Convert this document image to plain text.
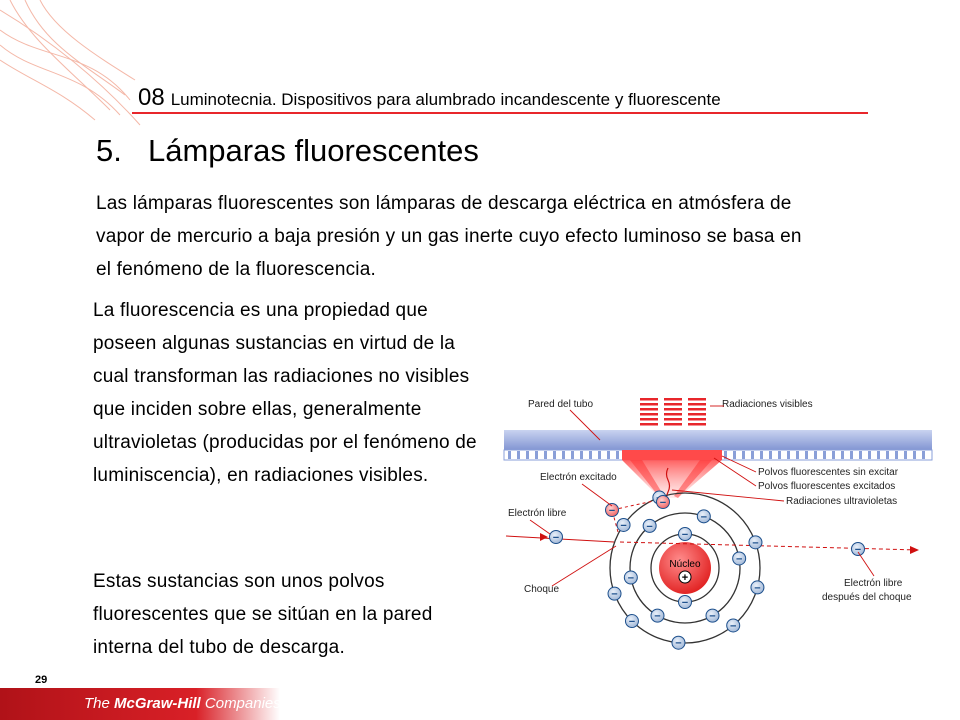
08 Luminotecnia. Dispositivos para alumbrado incandescente y fluorescente
5. Lámparas fluorescentes
Las lámparas fluorescentes son lámparas de descarga eléctrica en atmósfera de vapor de mercurio a baja presión y un gas inerte cuyo efecto luminoso se basa en el fenómeno de la fluorescencia.
La fluorescencia es una propiedad que poseen algunas sustancias en virtud de la cual transforman las radiaciones no visibles que inciden sobre ellas, generalmente ultravioletas (producidas por el fenómeno de luminiscencia), en radiaciones visibles.
Estas sustancias son unos polvos fluorescentes que se sitúan en la pared interna del tubo de descarga.
Núcleo
+
−
−
−
−
−
−
−
−
−
−
−
−
−
−
−
−
−
−
−
Pared del tubo	Radiaciones visibles
Polvos fluorescentes sin excitar
Polvos fluorescentes excitados
Radiaciones ultravioletas
Electrón excitado
Electrón libre
Choque
Electrón libre
después del choque
29
The McGraw-Hill Companies
